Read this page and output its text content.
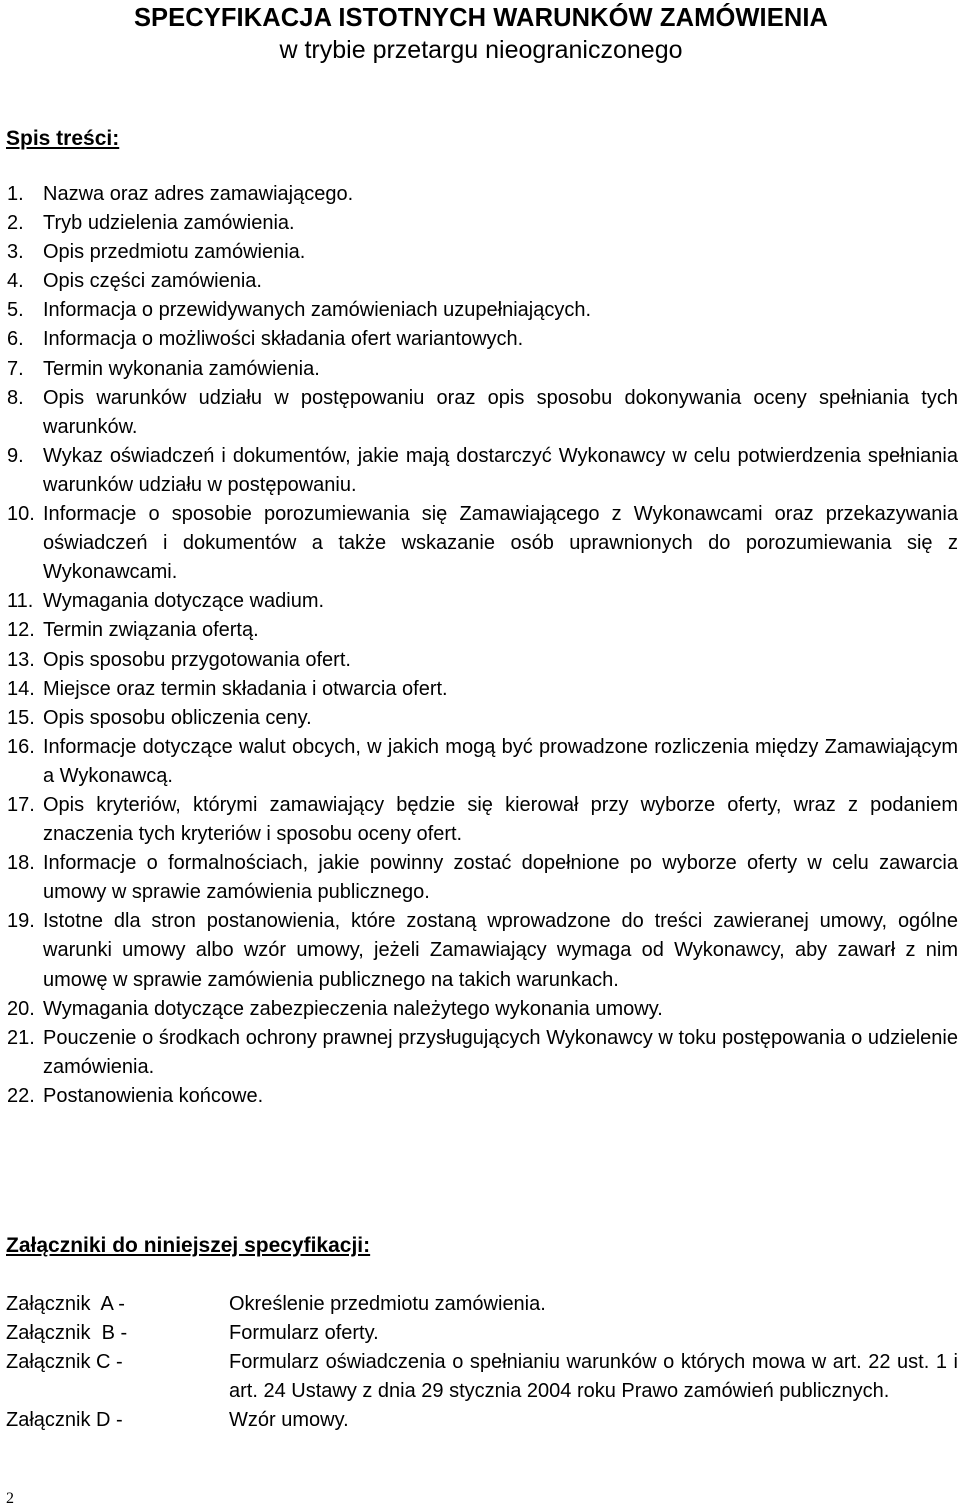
SPECYFIKACJA ISTOTNYCH WARUNKÓW ZAMÓWIENIA
w trybie przetargu nieograniczonego
Spis treści:
1. Nazwa oraz adres zamawiającego.
2. Tryb udzielenia zamówienia.
3. Opis przedmiotu zamówienia.
4. Opis części zamówienia.
5. Informacja o przewidywanych zamówieniach uzupełniających.
6. Informacja o możliwości składania ofert wariantowych.
7. Termin wykonania zamówienia.
8. Opis warunków udziału w postępowaniu oraz opis sposobu dokonywania oceny spełniania tych warunków.
9. Wykaz oświadczeń i dokumentów, jakie mają dostarczyć Wykonawcy w celu potwierdzenia spełniania warunków udziału w postępowaniu.
10. Informacje o sposobie porozumiewania się Zamawiającego z Wykonawcami oraz przekazywania oświadczeń i dokumentów a także wskazanie osób uprawnionych do porozumiewania się z Wykonawcami.
11. Wymagania dotyczące wadium.
12. Termin związania ofertą.
13. Opis sposobu przygotowania ofert.
14. Miejsce oraz termin składania i otwarcia ofert.
15. Opis sposobu obliczenia ceny.
16. Informacje dotyczące walut obcych, w jakich mogą być prowadzone rozliczenia między Zamawiającym a Wykonawcą.
17. Opis kryteriów, którymi zamawiający będzie się kierował przy wyborze oferty, wraz z podaniem znaczenia tych kryteriów i sposobu oceny ofert.
18. Informacje o formalnościach, jakie powinny zostać dopełnione po wyborze oferty w celu zawarcia umowy w sprawie zamówienia publicznego.
19. Istotne dla stron postanowienia, które zostaną wprowadzone do treści zawieranej umowy, ogólne warunki umowy albo wzór umowy, jeżeli Zamawiający wymaga od Wykonawcy, aby zawarł z nim umowę w sprawie zamówienia publicznego na takich warunkach.
20. Wymagania dotyczące zabezpieczenia należytego wykonania umowy.
21. Pouczenie o środkach ochrony prawnej przysługujących Wykonawcy w toku postępowania o udzielenie zamówienia.
22. Postanowienia końcowe.
Załączniki do niniejszej specyfikacji:
Załącznik  A -	Określenie przedmiotu zamówienia.
Załącznik  B -	Formularz oferty.
Załącznik C -	Formularz oświadczenia o spełnianiu warunków o których mowa w art. 22 ust. 1 i art. 24 Ustawy z dnia 29 stycznia 2004 roku Prawo zamówień publicznych.
Załącznik D -	Wzór umowy.
2
